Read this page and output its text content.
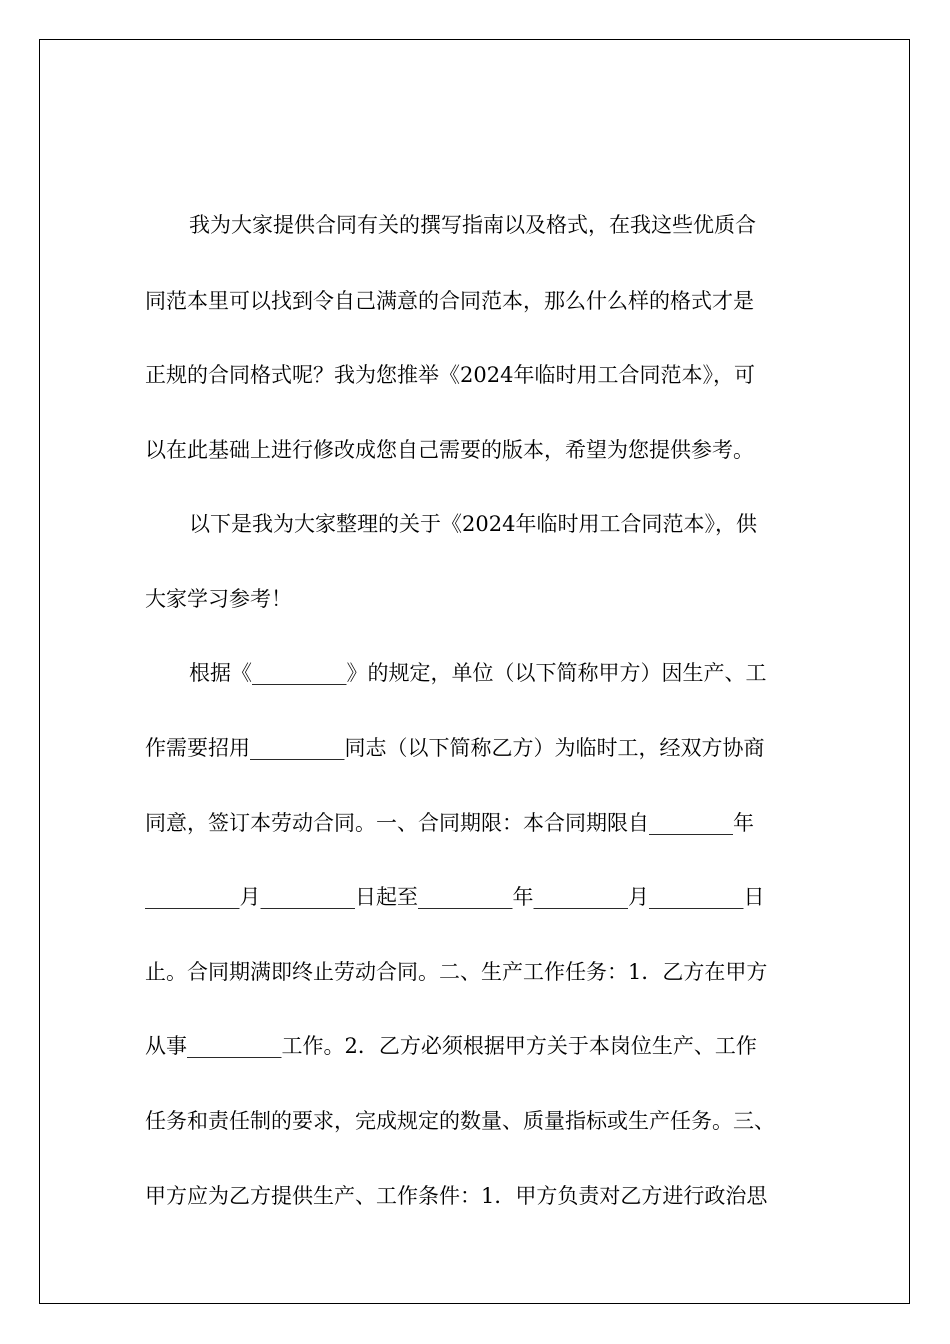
我为大家提供合同有关的撰写指南以及格式，在我这些优质合
同范本里可以找到令自己满意的合同范本，那么什么样的格式才是
正规的合同格式呢？我为您推举《2024年临时用工合同范本》，可
以在此基础上进行修改成您自己需要的版本，希望为您提供参考。
以下是我为大家整理的关于《2024年临时用工合同范本》，供
大家学习参考！
根据《_________》的规定，单位（以下简称甲方）因生产、工
作需要招用_________同志（以下简称乙方）为临时工，经双方协商
同意，签订本劳动合同。一、合同期限：本合同期限自________年
_________月_________日起至_________年_________月_________日
止。合同期满即终止劳动合同。二、生产工作任务：1．乙方在甲方
从事_________工作。2．乙方必须根据甲方关于本岗位生产、工作
任务和责任制的要求，完成规定的数量、质量指标或生产任务。三、
甲方应为乙方提供生产、工作条件：1．甲方负责对乙方进行政治思
